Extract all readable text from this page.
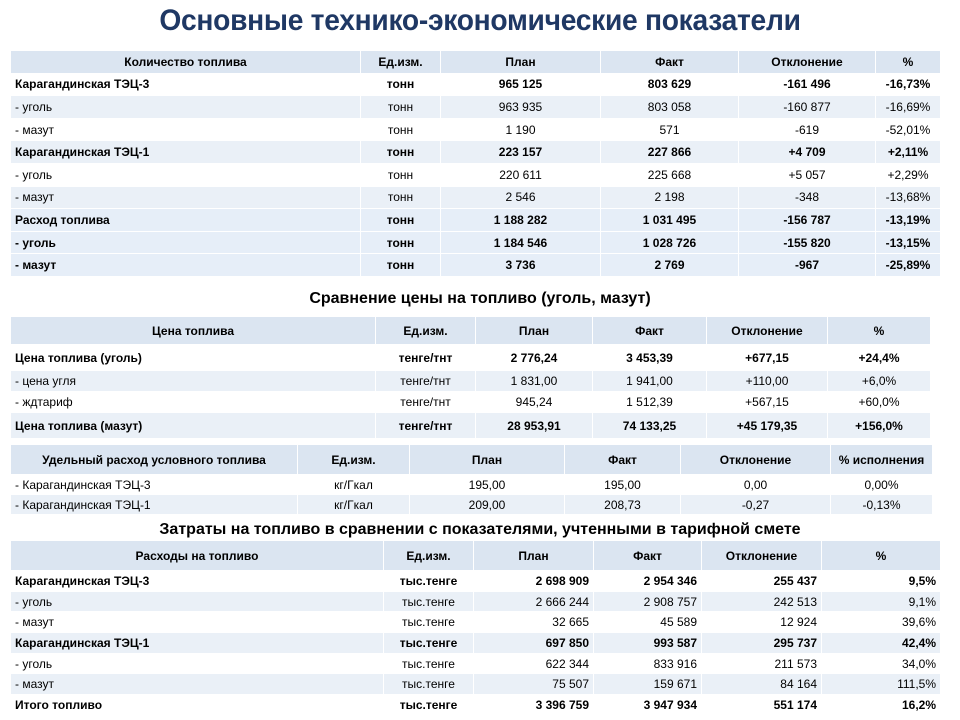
Основные технико-экономические показатели
Количество топлива	Ед.изм.	План	Факт	Отклонение	%
Карагандинская ТЭЦ-3	тонн	965 125	803 629	-161 496	-16,73%
- уголь	тонн	963 935	803 058	-160 877	-16,69%
- мазут	тонн	1 190	571	-619	-52,01%
Карагандинская ТЭЦ-1	тонн	223 157	227 866	+4 709	+2,11%
- уголь	тонн	220 611	225 668	+5 057	+2,29%
- мазут	тонн	2 546	2 198	-348	-13,68%
Расход топлива	тонн	1 188 282	1 031 495	-156 787	-13,19%
- уголь	тонн	1 184 546	1 028 726	-155 820	-13,15%
- мазут	тонн	3 736	2 769	-967	-25,89%
Сравнение цены на топливо (уголь, мазут)
Цена топлива	Ед.изм.	План	Факт	Отклонение	%
Цена топлива (уголь)	тенге/тнт	2 776,24	3 453,39	+677,15	+24,4%
- цена угля	тенге/тнт	1 831,00	1 941,00	+110,00	+6,0%
- ждтариф	тенге/тнт	945,24	1 512,39	+567,15	+60,0%
Цена топлива (мазут)	тенге/тнт	28 953,91	74 133,25	+45 179,35	+156,0%
Удельный расход условного топлива	Ед.изм.	План	Факт	Отклонение	% исполнения
- Карагандинская ТЭЦ-3	кг/Гкал	195,00	195,00	0,00	0,00%
- Карагандинская ТЭЦ-1	кг/Гкал	209,00	208,73	-0,27	-0,13%
Затраты на топливо в сравнении с показателями, учтенными в тарифной смете
Расходы на топливо	Ед.изм.	План	Факт	Отклонение	%
Карагандинская ТЭЦ-3	тыс.тенге	2 698 909	2 954 346	255 437	9,5%
- уголь	тыс.тенге	2 666 244	2 908 757	242 513	9,1%
- мазут	тыс.тенге	32 665	45 589	12 924	39,6%
Карагандинская ТЭЦ-1	тыс.тенге	697 850	993 587	295 737	42,4%
- уголь	тыс.тенге	622 344	833 916	211 573	34,0%
- мазут	тыс.тенге	75 507	159 671	84 164	111,5%
Итого топливо	тыс.тенге	3 396 759	3 947 934	551 174	16,2%
